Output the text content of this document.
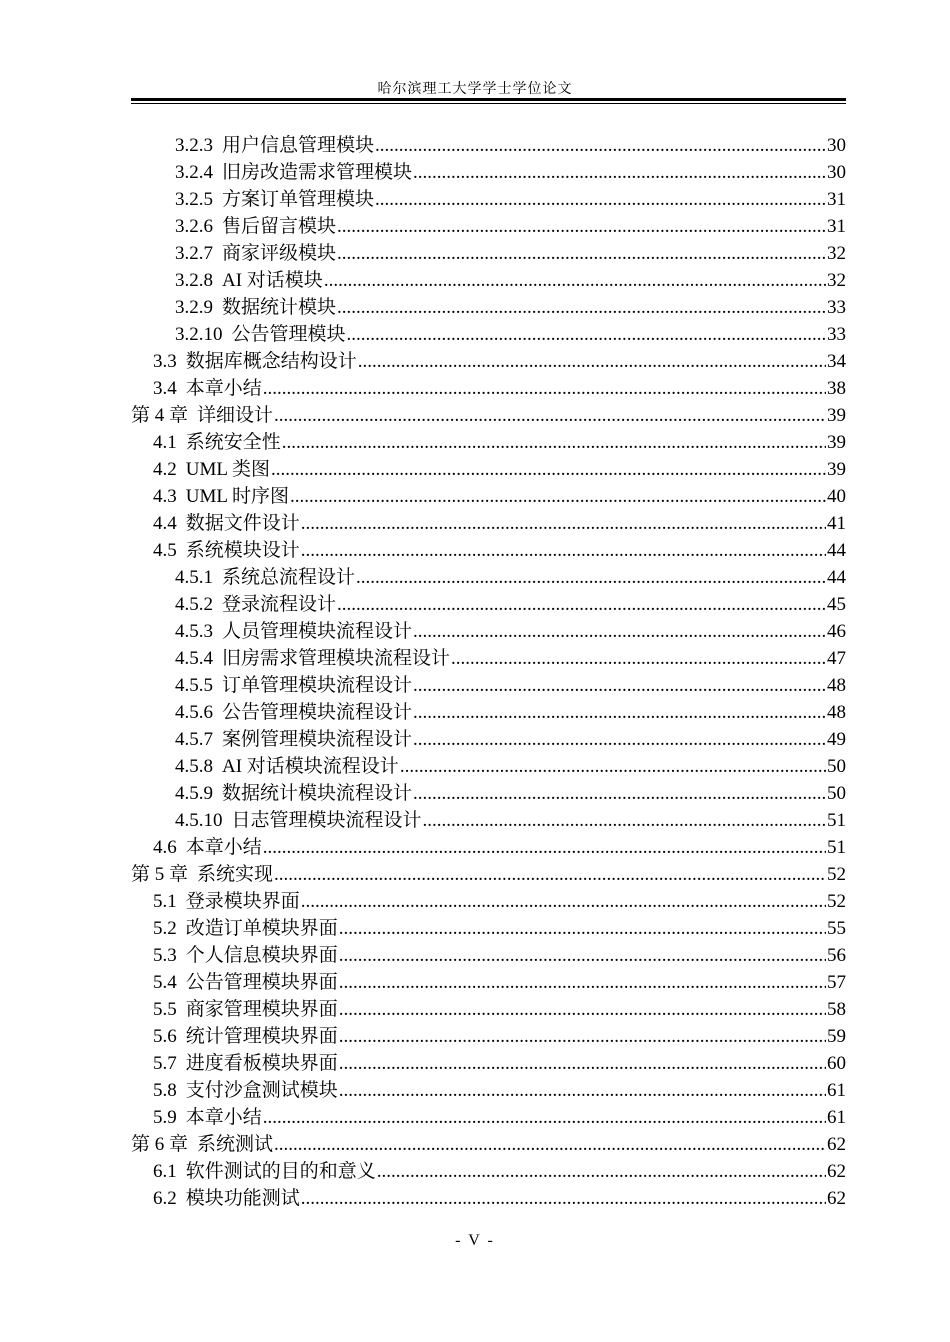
哈尔滨理工大学学士学位论文
3.2.3 用户信息管理模块 .....	30
3.2.4 旧房改造需求管理模块 .....	30
3.2.5 方案订单管理模块 .....	31
3.2.6 售后留言模块 .....	31
3.2.7 商家评级模块 .....	32
3.2.8 AI 对话模块 .....	32
3.2.9 数据统计模块 .....	33
3.2.10 公告管理模块 .....	33
3.3 数据库概念结构设计 .....	34
3.4 本章小结 .....	38
第 4 章 详细设计 .....	39
4.1 系统安全性 .....	39
4.2 UML 类图 .....	39
4.3 UML 时序图 .....	40
4.4 数据文件设计 .....	41
4.5 系统模块设计 .....	44
4.5.1 系统总流程设计 .....	44
4.5.2 登录流程设计 .....	45
4.5.3 人员管理模块流程设计 .....	46
4.5.4 旧房需求管理模块流程设计 .....	47
4.5.5 订单管理模块流程设计 .....	48
4.5.6 公告管理模块流程设计 .....	48
4.5.7 案例管理模块流程设计 .....	49
4.5.8 AI 对话模块流程设计 .....	50
4.5.9 数据统计模块流程设计 .....	50
4.5.10 日志管理模块流程设计 .....	51
4.6 本章小结 .....	51
第 5 章 系统实现 .....	52
5.1 登录模块界面 .....	52
5.2 改造订单模块界面 .....	55
5.3 个人信息模块界面 .....	56
5.4 公告管理模块界面 .....	57
5.5 商家管理模块界面 .....	58
5.6 统计管理模块界面 .....	59
5.7 进度看板模块界面 .....	60
5.8 支付沙盒测试模块 .....	61
5.9 本章小结 .....	61
第 6 章 系统测试 .....	62
6.1 软件测试的目的和意义 .....	62
6.2 模块功能测试 .....	62
- V -
